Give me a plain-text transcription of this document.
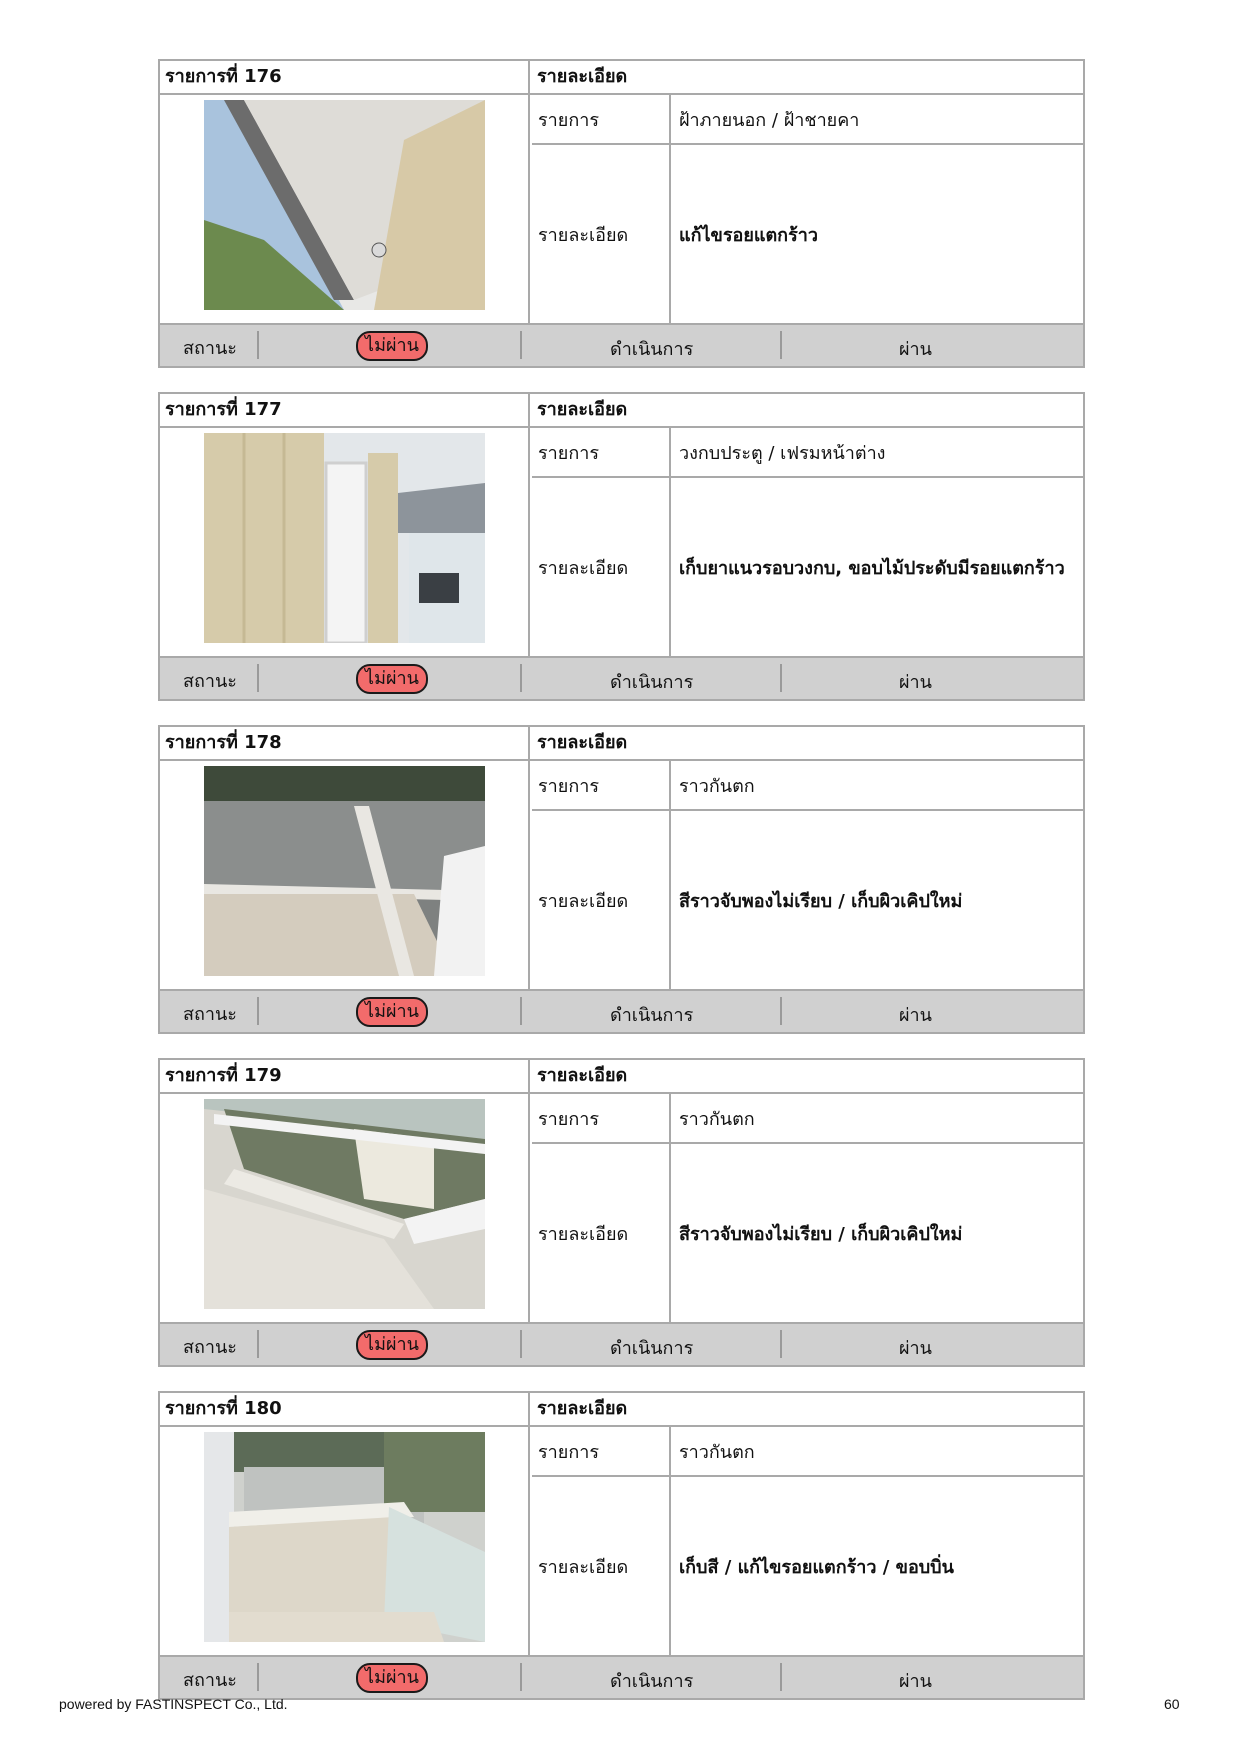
รายการที่ 176	รายละเอียด
รายการ	ฝ้าภายนอก / ฝ้าชายคา
รายละเอียด	แก้ไขรอยแตกร้าว
สถานะ	ไม่ผ่าน	ดำเนินการ	ผ่าน
รายการที่ 177	รายละเอียด
รายการ	วงกบประตู / เฟรมหน้าต่าง
รายละเอียด	เก็บยาแนวรอบวงกบ, ขอบไม้ประดับมีรอยแตกร้าว
สถานะ	ไม่ผ่าน	ดำเนินการ	ผ่าน
รายการที่ 178	รายละเอียด
รายการ	ราวกันตก
รายละเอียด	สีราวจับพองไม่เรียบ / เก็บผิวเคิปใหม่
สถานะ	ไม่ผ่าน	ดำเนินการ	ผ่าน
รายการที่ 179	รายละเอียด
รายการ	ราวกันตก
รายละเอียด	สีราวจับพองไม่เรียบ / เก็บผิวเคิปใหม่
สถานะ	ไม่ผ่าน	ดำเนินการ	ผ่าน
รายการที่ 180	รายละเอียด
รายการ	ราวกันตก
รายละเอียด	เก็บสี / แก้ไขรอยแตกร้าว / ขอบบิ่น
สถานะ	ไม่ผ่าน	ดำเนินการ	ผ่าน
powered by FASTINSPECT Co., Ltd.	60
